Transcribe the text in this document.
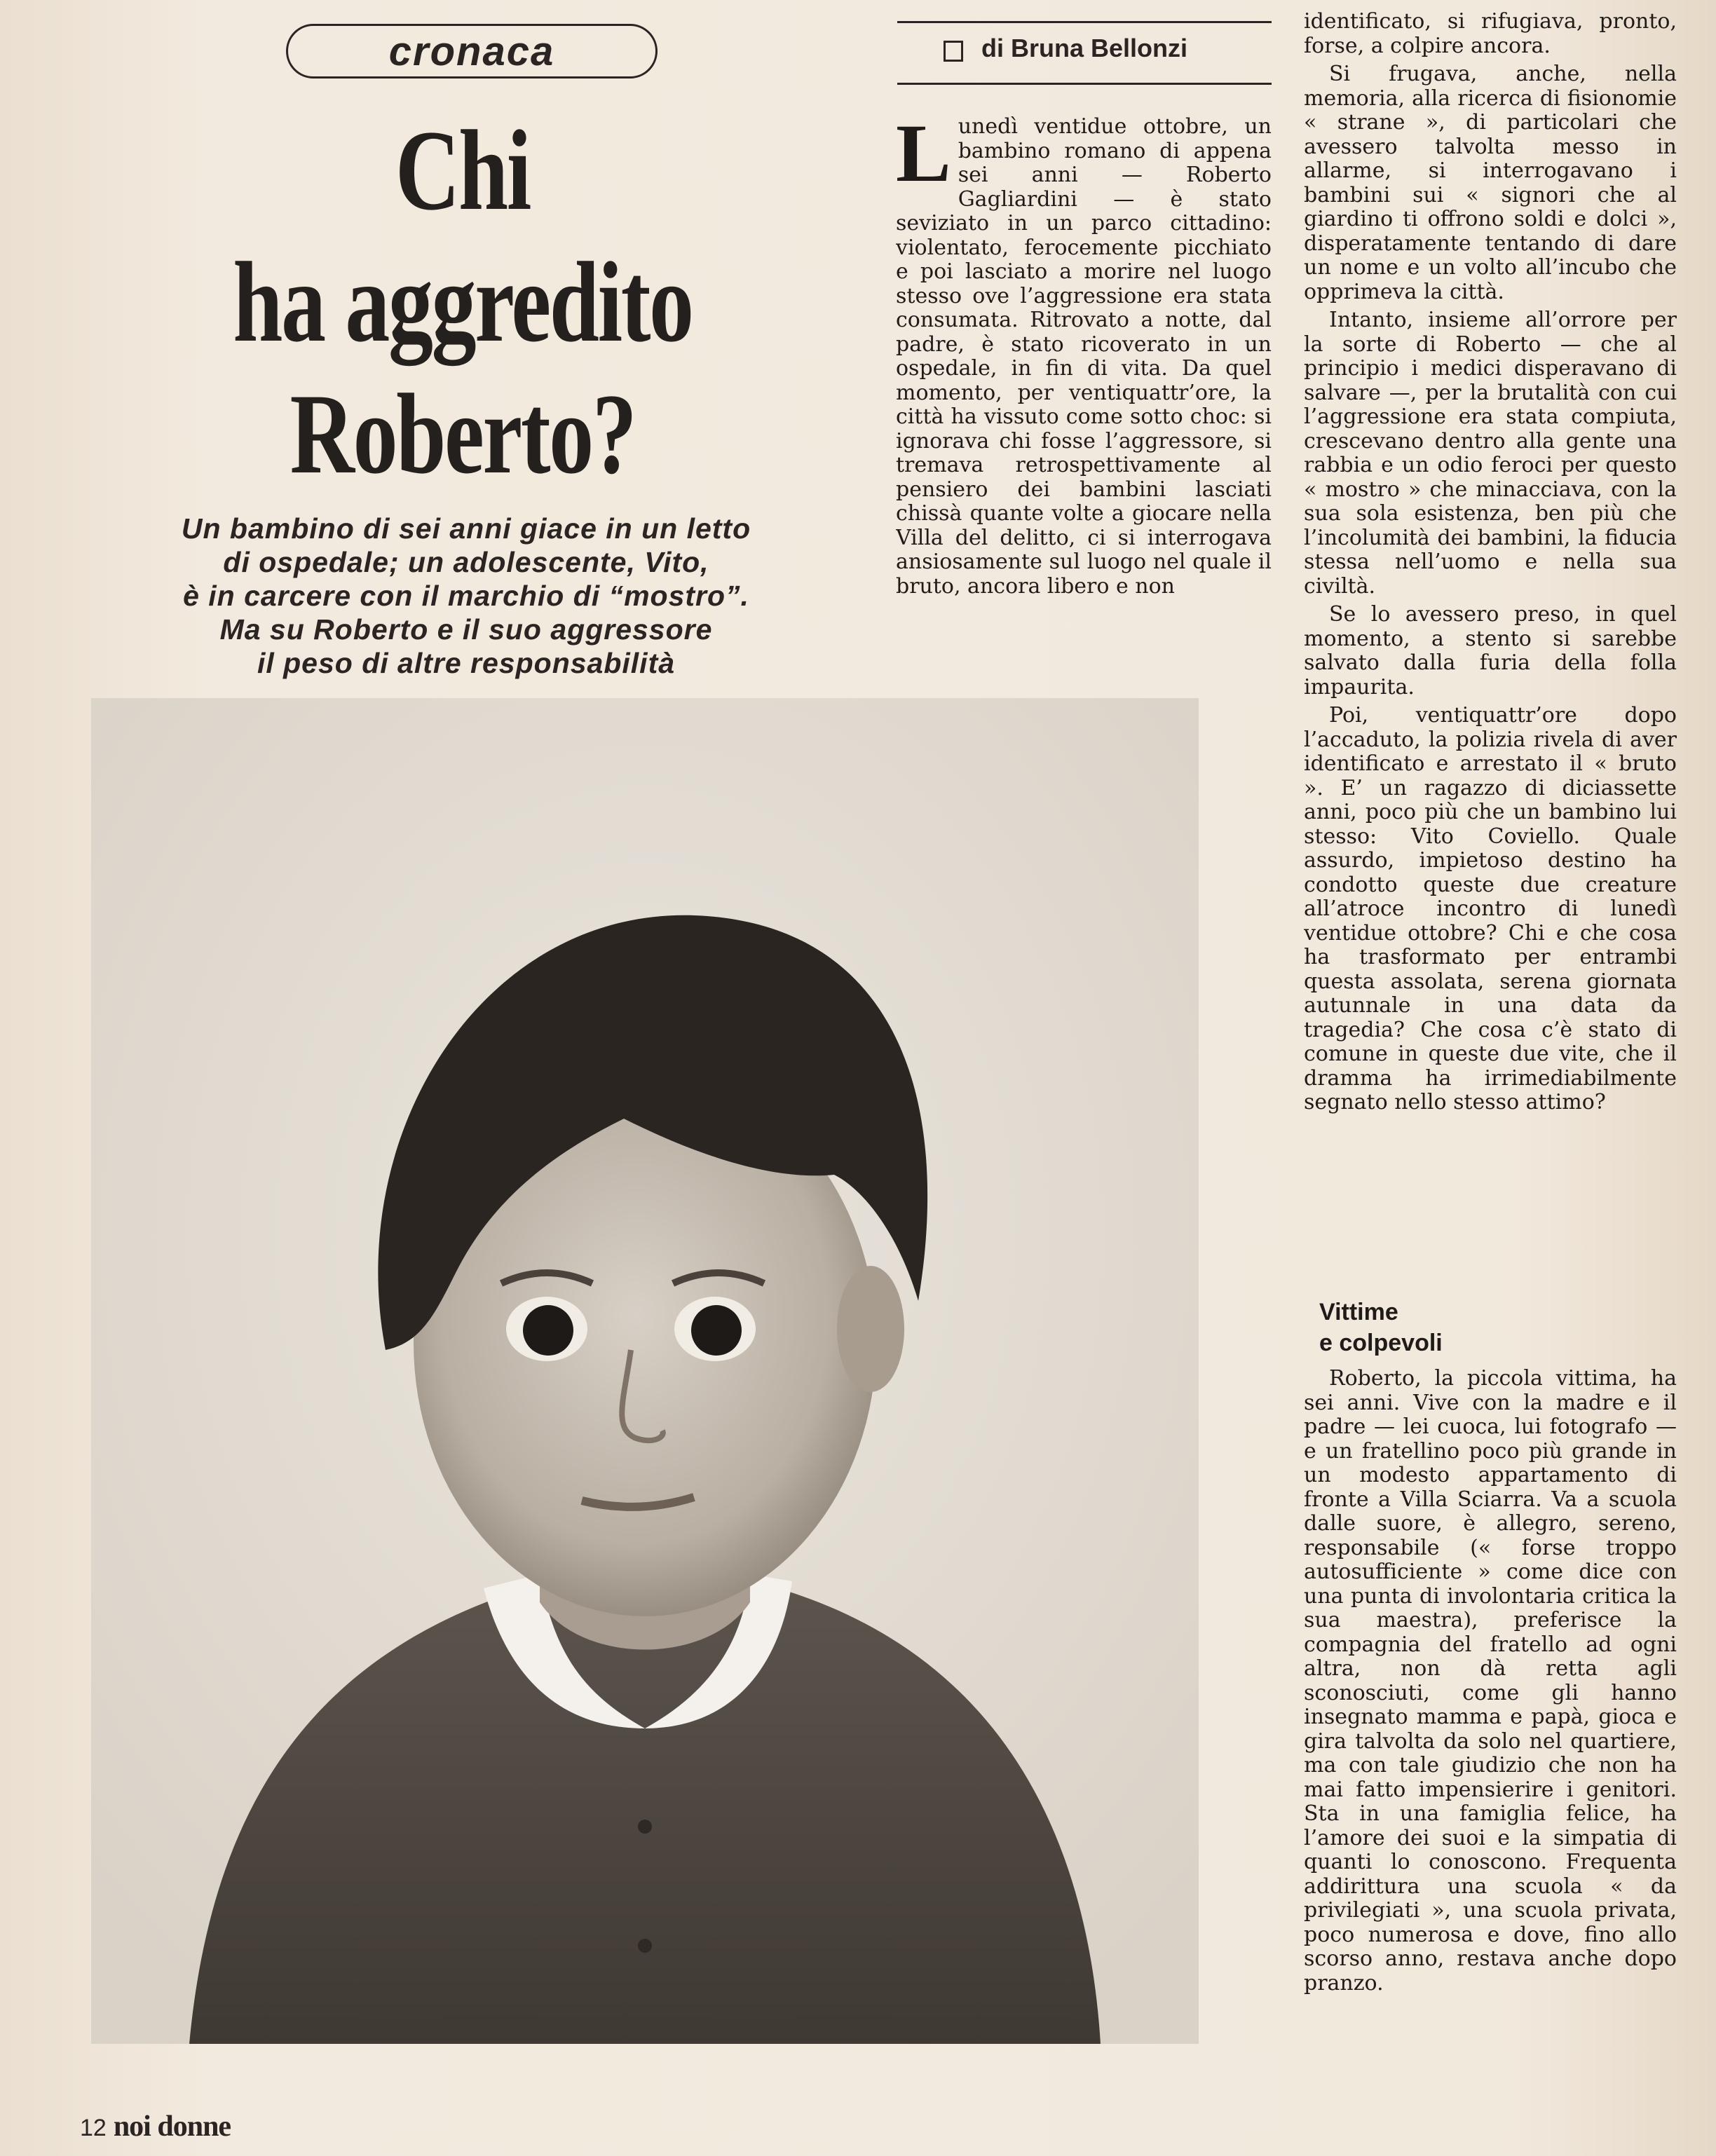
cronaca
Chi
ha aggredito
Roberto?
Un bambino di sei anni giace in un letto
di ospedale; un adolescente, Vito,
è in carcere con il marchio di “mostro”.
Ma su Roberto e il suo aggressore
il peso di altre responsabilità
di Bruna Bellonzi

Lunedì ventidue ottobre, un bambino romano di appena sei anni — Roberto Gagliardini — è stato seviziato in un parco cittadino: violentato, ferocemente picchiato e poi lasciato a morire nel luogo stesso ove l’aggressione era stata consumata. Ritrovato a notte, dal padre, è stato ricoverato in un ospedale, in fin di vita. Da quel momento, per ventiquattr’ore, la città ha vissuto come sotto choc: si ignorava chi fosse l’aggressore, si tremava retrospettivamente al pensiero dei bambini lasciati chissà quante volte a giocare nella Villa del delitto, ci si interrogava ansiosamente sul luogo nel quale il bruto, ancora libero e non

identificato, si rifugiava, pronto, forse, a colpire ancora.

Si frugava, anche, nella memoria, alla ricerca di fisionomie « strane », di particolari che avessero talvolta messo in allarme, si interrogavano i bambini sui « signori che al giardino ti offrono soldi e dolci », disperatamente tentando di dare un nome e un volto all’incubo che opprimeva la città.

Intanto, insieme all’orrore per la sorte di Roberto — che al principio i medici disperavano di salvare —, per la brutalità con cui l’aggressione era stata compiuta, crescevano dentro alla gente una rabbia e un odio feroci per questo « mostro » che minacciava, con la sua sola esistenza, ben più che l’incolumità dei bambini, la fiducia stessa nell’uomo e nella sua civiltà.

Se lo avessero preso, in quel momento, a stento si sarebbe salvato dalla furia della folla impaurita.

Poi, ventiquattr’ore dopo l’accaduto, la polizia rivela di aver identificato e arrestato il « bruto ». E’ un ragazzo di diciassette anni, poco più che un bambino lui stesso: Vito Coviello. Quale assurdo, impietoso destino ha condotto queste due creature all’atroce incontro di lunedì ventidue ottobre? Chi e che cosa ha trasformato per entrambi questa assolata, serena giornata autunnale in una data da tragedia? Che cosa c’è stato di comune in queste due vite, che il dramma ha irrimediabilmente segnato nello stesso attimo?

Vittime
e colpevoli

Roberto, la piccola vittima, ha sei anni. Vive con la madre e il padre — lei cuoca, lui fotografo — e un fratellino poco più grande in un modesto appartamento di fronte a Villa Sciarra. Va a scuola dalle suore, è allegro, sereno, responsabile (« forse troppo autosufficiente » come dice con una punta di involontaria critica la sua maestra), preferisce la compagnia del fratello ad ogni altra, non dà retta agli sconosciuti, come gli hanno insegnato mamma e papà, gioca e gira talvolta da solo nel quartiere, ma con tale giudizio che non ha mai fatto impensierire i genitori. Sta in una famiglia felice, ha l’amore dei suoi e la simpatia di quanti lo conoscono. Frequenta addirittura una scuola « da privilegiati », una scuola privata, poco numerosa e dove, fino allo scorso anno, restava anche dopo pranzo.

12 noi donne
